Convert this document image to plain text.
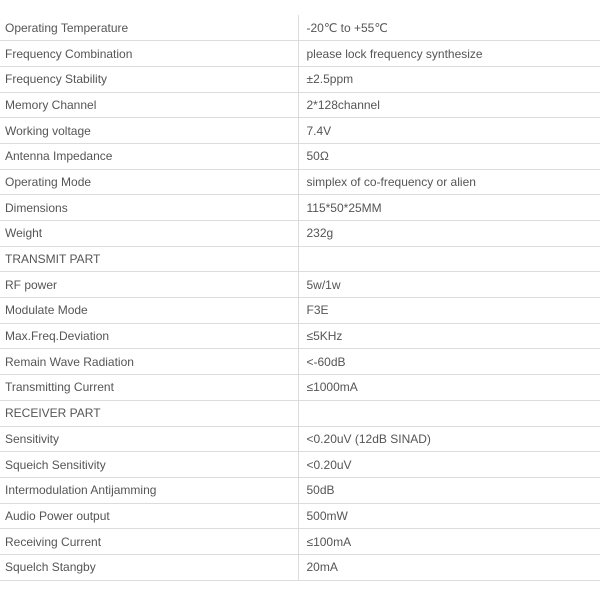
Operating Temperature	-20℃ to +55℃
Frequency Combination	please lock frequency synthesize
Frequency Stability	±2.5ppm
Memory Channel	2*128channel
Working voltage	7.4V
Antenna Impedance	50Ω
Operating Mode	simplex of co-frequency or alien
Dimensions	115*50*25MM
Weight	232g
TRANSMIT PART	
RF power	5w/1w
Modulate Mode	F3E
Max.Freq.Deviation	≤5KHz
Remain Wave Radiation	<-60dB
Transmitting Current	≤1000mA
RECEIVER PART	
Sensitivity	<0.20uV (12dB SINAD)
Squeich Sensitivity	<0.20uV
Intermodulation Antijamming	50dB
Audio Power output	500mW
Receiving Current	≤100mA
Squelch Stangby	20mA
